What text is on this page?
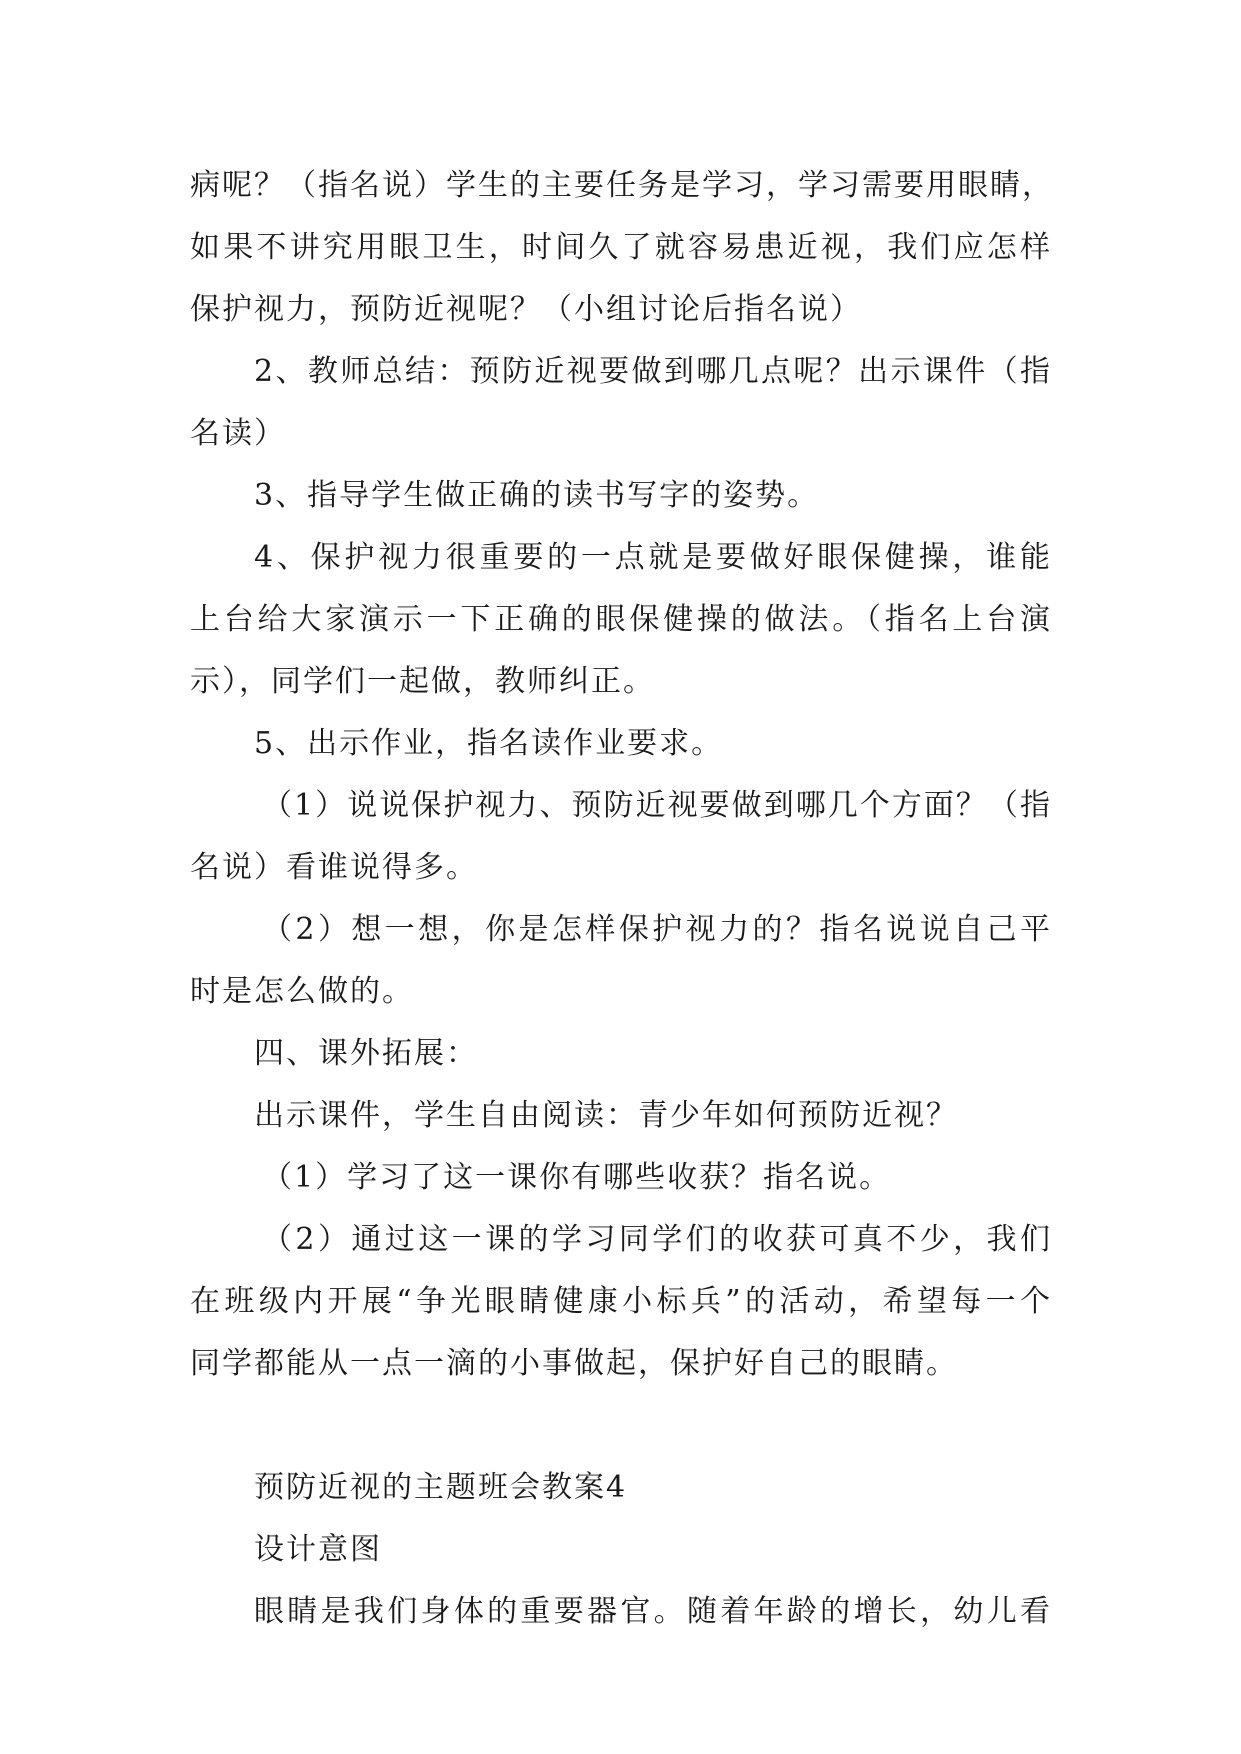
病呢？（指名说）学生的主要任务是学习，学习需要用眼睛，
如果不讲究用眼卫生，时间久了就容易患近视，我们应怎样
保护视力，预防近视呢？（小组讨论后指名说）
2、教师总结：预防近视要做到哪几点呢？出示课件（指
名读）
3、指导学生做正确的读书写字的姿势。
4、保护视力很重要的一点就是要做好眼保健操，谁能
上台给大家演示一下正确的眼保健操的做法。（指名上台演
示），同学们一起做，教师纠正。
5、出示作业，指名读作业要求。
（1）说说保护视力、预防近视要做到哪几个方面？（指
名说）看谁说得多。
（2）想一想，你是怎样保护视力的？指名说说自己平
时是怎么做的。
四、课外拓展：
出示课件，学生自由阅读：青少年如何预防近视？
（1）学习了这一课你有哪些收获？指名说。
（2）通过这一课的学习同学们的收获可真不少，我们
在班级内开展“争光眼睛健康小标兵”的活动，希望每一个
同学都能从一点一滴的小事做起，保护好自己的眼睛。
预防近视的主题班会教案4
设计意图
眼睛是我们身体的重要器官。随着年龄的增长，幼儿看
